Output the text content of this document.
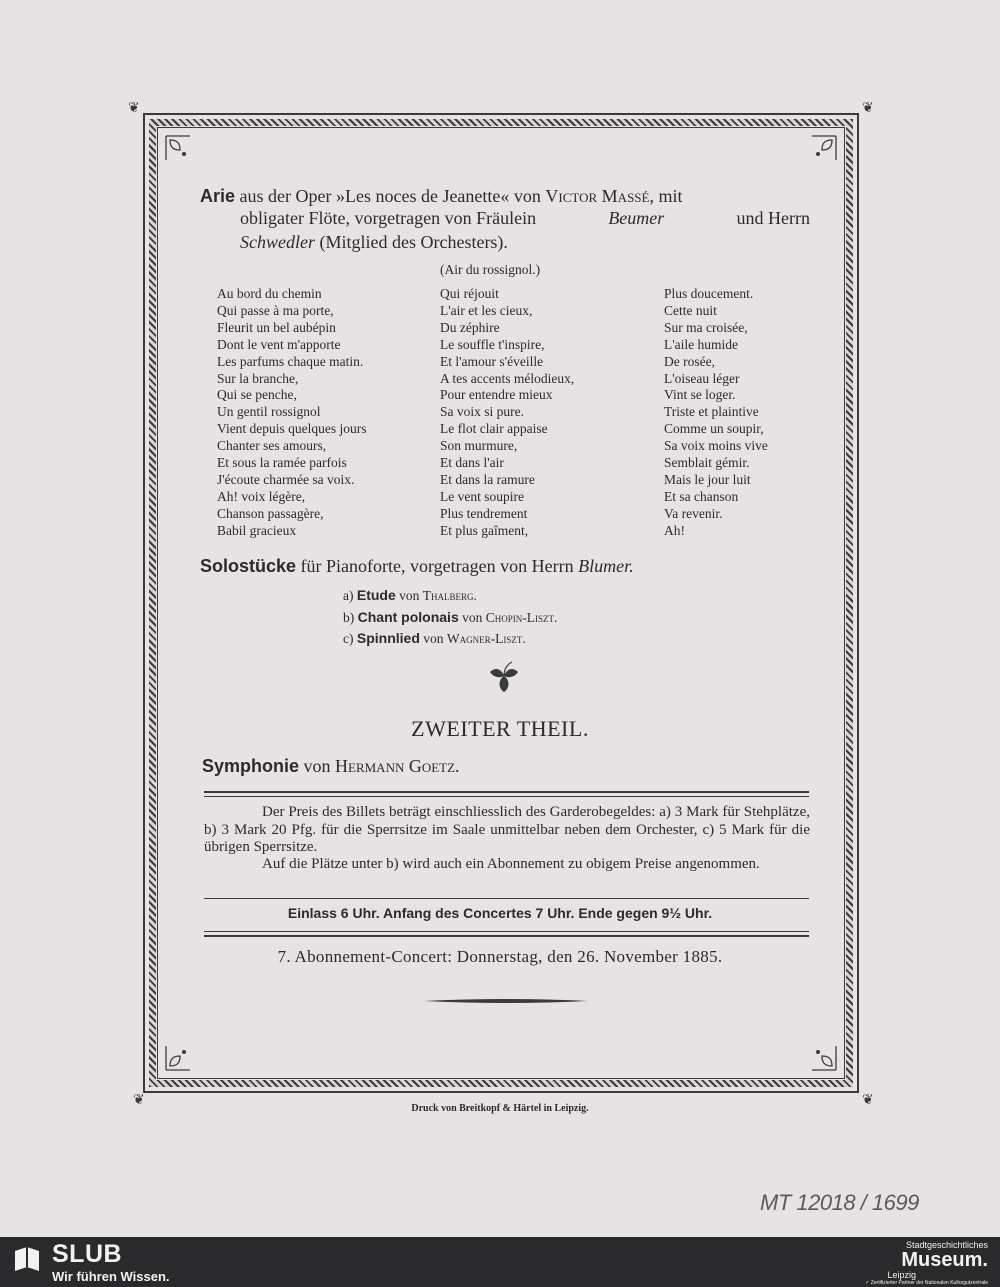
❦	❦
❦	❦
Arie aus der Oper »Les noces de Jeanette« von Victor Massé, mit
obligater Flöte, vorgetragen von Fräulein	Beumer	und Herrn
Schwedler (Mitglied des Orchesters).
(Air du rossignol.)
Au bord du chemin
Qui passe à ma porte,
Fleurit un bel aubépin
Dont le vent m'apporte
Les parfums chaque matin.
Sur la branche,
Qui se penche,
Un gentil rossignol
Vient depuis quelques jours
Chanter ses amours,
Et sous la ramée parfois
J'écoute charmée sa voix.
Ah! voix légère,
Chanson passagère,
Babil gracieux
Qui réjouit
L'air et les cieux,
Du zéphire
Le souffle t'inspire,
Et l'amour s'éveille
A tes accents mélodieux,
Pour entendre mieux
Sa voix si pure.
Le flot clair appaise
Son murmure,
Et dans l'air
Et dans la ramure
Le vent soupire
Plus tendrement
Et plus gaîment,
Plus doucement.
Cette nuit
Sur ma croisée,
L'aile humide
De rosée,
L'oiseau léger
Vint se loger.
Triste et plaintive
Comme un soupir,
Sa voix moins vive
Semblait gémir.
Mais le jour luit
Et sa chanson
Va revenir.
Ah!
Solostücke für Pianoforte, vorgetragen von Herrn Blumer.
a) Etude von Thalberg.
b) Chant polonais von Chopin-Liszt.
c) Spinnlied von Wagner-Liszt.
ZWEITER THEIL.
Symphonie von Hermann Goetz.
Der Preis des Billets beträgt einschliesslich des Garderobegeldes: a) 3 Mark für Stehplätze, b) 3 Mark 20 Pfg. für die Sperrsitze im Saale unmittelbar neben dem Orchester, c) 5 Mark für die übrigen Sperrsitze.
Auf die Plätze unter b) wird auch ein Abonnement zu obigem Preise angenommen.
Einlass 6 Uhr. Anfang des Concertes 7 Uhr. Ende gegen 9½ Uhr.
7. Abonnement-Concert: Donnerstag, den 26. November 1885.
Druck von Breitkopf & Härtel in Leipzig.
MT 12018 / 1699
SLUB
Wir führen Wissen.
Stadtgeschichtliches
Museum.
Leipzig
✓ Zertifizierter Partner der Nationalen Kulturgutzentrale
